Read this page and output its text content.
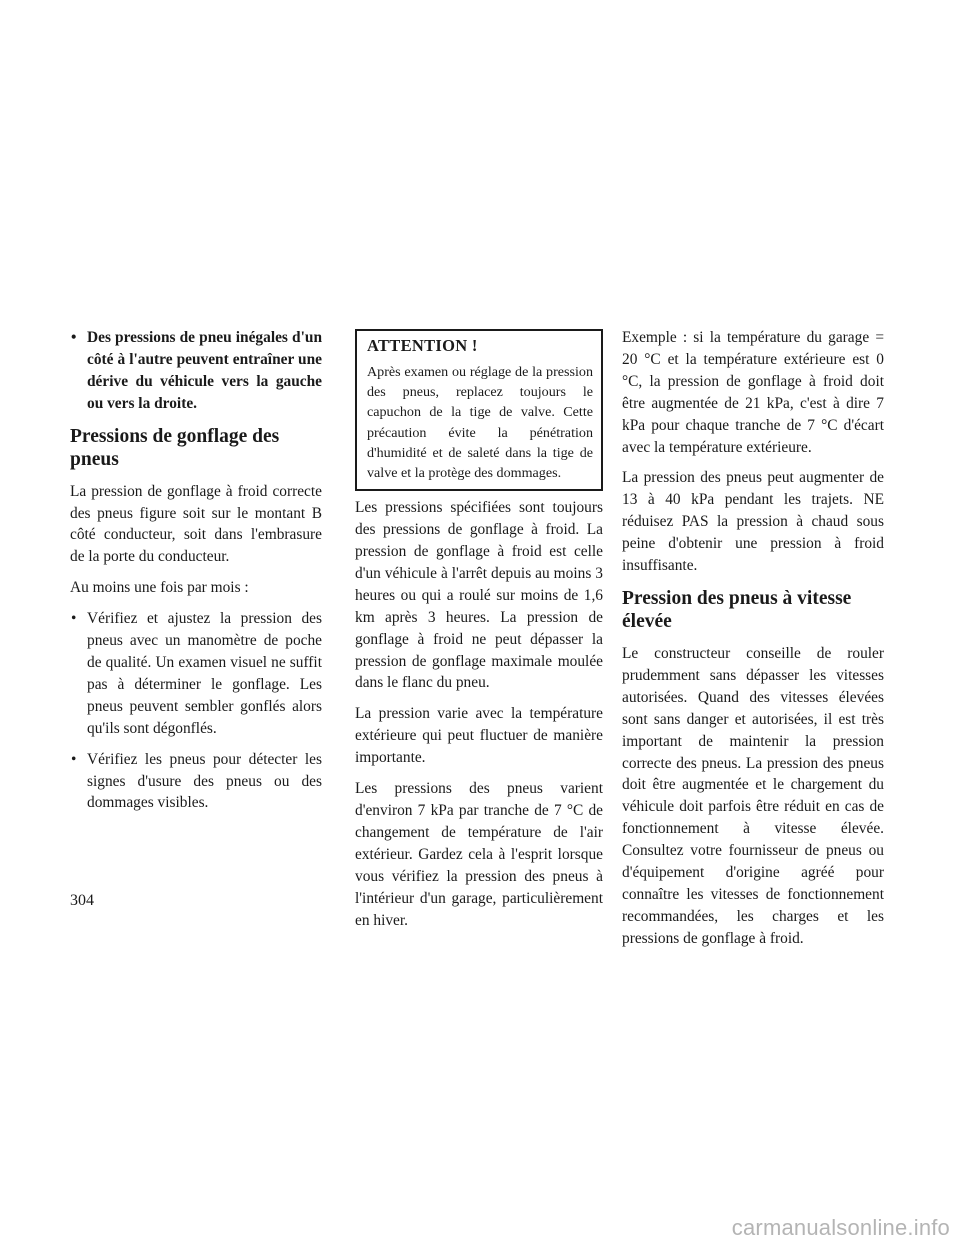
• Des pressions de pneu inégales d'un côté à l'autre peuvent entraîner une dérive du véhicule vers la gauche ou vers la droite.
Pressions de gonflage des pneus

La pression de gonflage à froid correcte des pneus figure soit sur le montant B côté conducteur, soit dans l'embrasure de la porte du conducteur.

Au moins une fois par mois :

• Vérifiez et ajustez la pression des pneus avec un manomètre de poche de qualité. Un examen visuel ne suffit pas à déterminer le gonflage. Les pneus peuvent sembler gonflés alors qu'ils sont dégonflés.
• Vérifiez les pneus pour détecter les signes d'usure des pneus ou des dommages visibles.
ATTENTION !

Après examen ou réglage de la pression des pneus, replacez toujours le capuchon de la tige de valve. Cette précaution évite la pénétration d'humidité et de saleté dans la tige de valve et la protège des dommages.

Les pressions spécifiées sont toujours des pressions de gonflage à froid. La pression de gonflage à froid est celle d'un véhicule à l'arrêt depuis au moins 3 heures ou qui a roulé sur moins de 1,6 km après 3 heures. La pression de gonflage à froid ne peut dépasser la pression de gonflage maximale moulée dans le flanc du pneu.

La pression varie avec la température extérieure qui peut fluctuer de manière importante.

Les pressions des pneus varient d'environ 7 kPa par tranche de 7 °C de changement de température de l'air extérieur. Gardez cela à l'esprit lorsque vous vérifiez la pression des pneus à l'intérieur d'un garage, particulièrement en hiver.

Exemple : si la température du garage = 20 °C et la température extérieure est 0 °C, la pression de gonflage à froid doit être augmentée de 21 kPa, c'est à dire 7 kPa pour chaque tranche de 7 °C d'écart avec la température extérieure.

La pression des pneus peut augmenter de 13 à 40 kPa pendant les trajets. NE réduisez PAS la pression à chaud sous peine d'obtenir une pression à froid insuffisante.

Pression des pneus à vitesse élevée

Le constructeur conseille de rouler prudemment sans dépasser les vitesses autorisées. Quand des vitesses élevées sont sans danger et autorisées, il est très important de maintenir la pression correcte des pneus. La pression des pneus doit être augmentée et le chargement du véhicule doit parfois être réduit en cas de fonctionnement à vitesse élevée. Consultez votre fournisseur de pneus ou d'équipement d'origine agréé pour connaître les vitesses de fonctionnement recommandées, les charges et les pressions de gonflage à froid.

304
carmanualsonline.info
